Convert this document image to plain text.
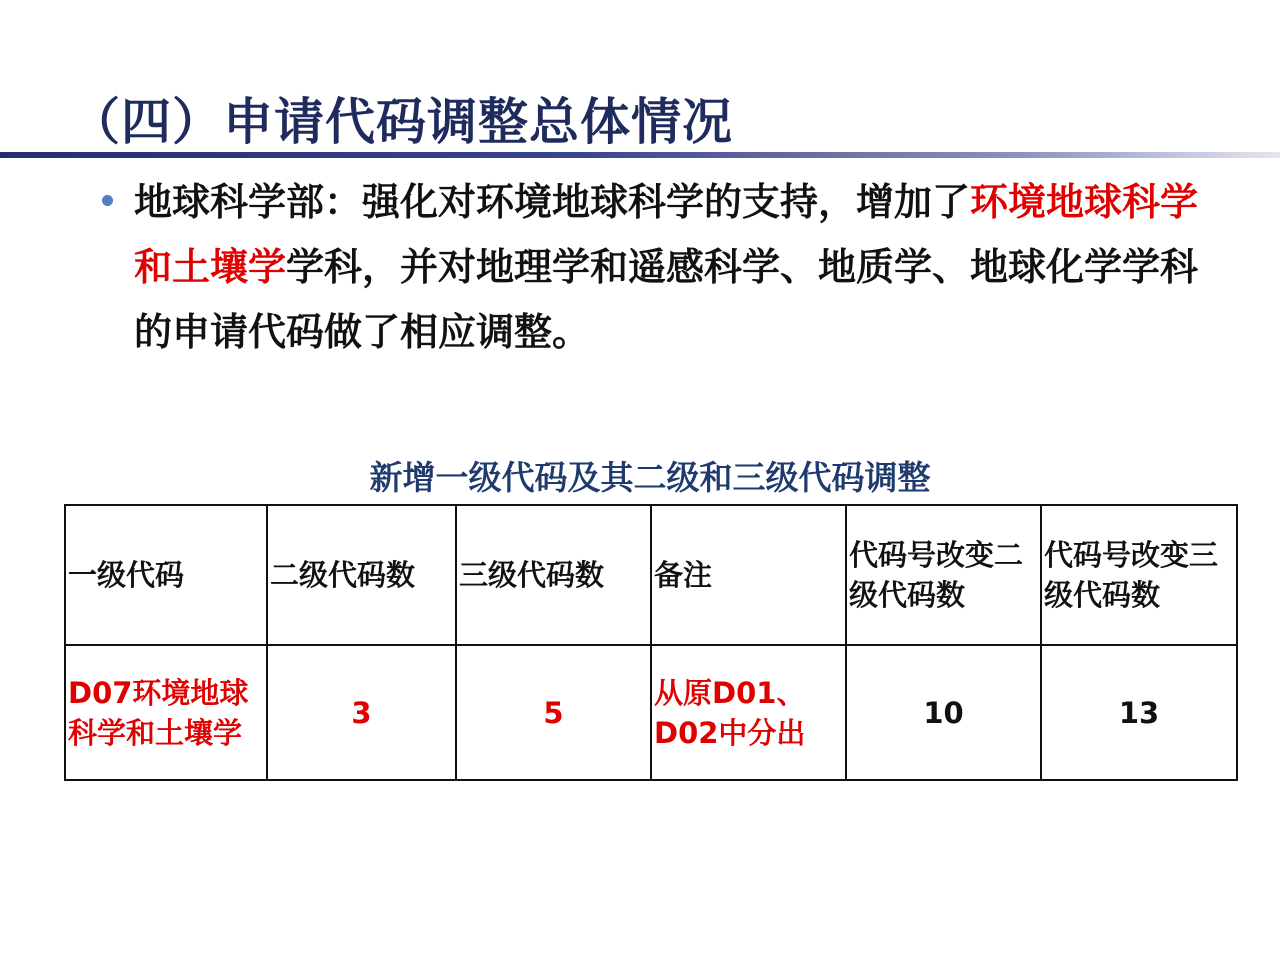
（四）申请代码调整总体情况
地球科学部：强化对环境地球科学的支持，增加了环境地球科学和土壤学学科，并对地理学和遥感科学、地质学、地球化学学科的申请代码做了相应调整。
新增一级代码及其二级和三级代码调整
一级代码	二级代码数	三级代码数	备注	代码号改变二级代码数	代码号改变三级代码数
D07环境地球科学和土壤学	3	5	从原D01、D02中分出	10	13
